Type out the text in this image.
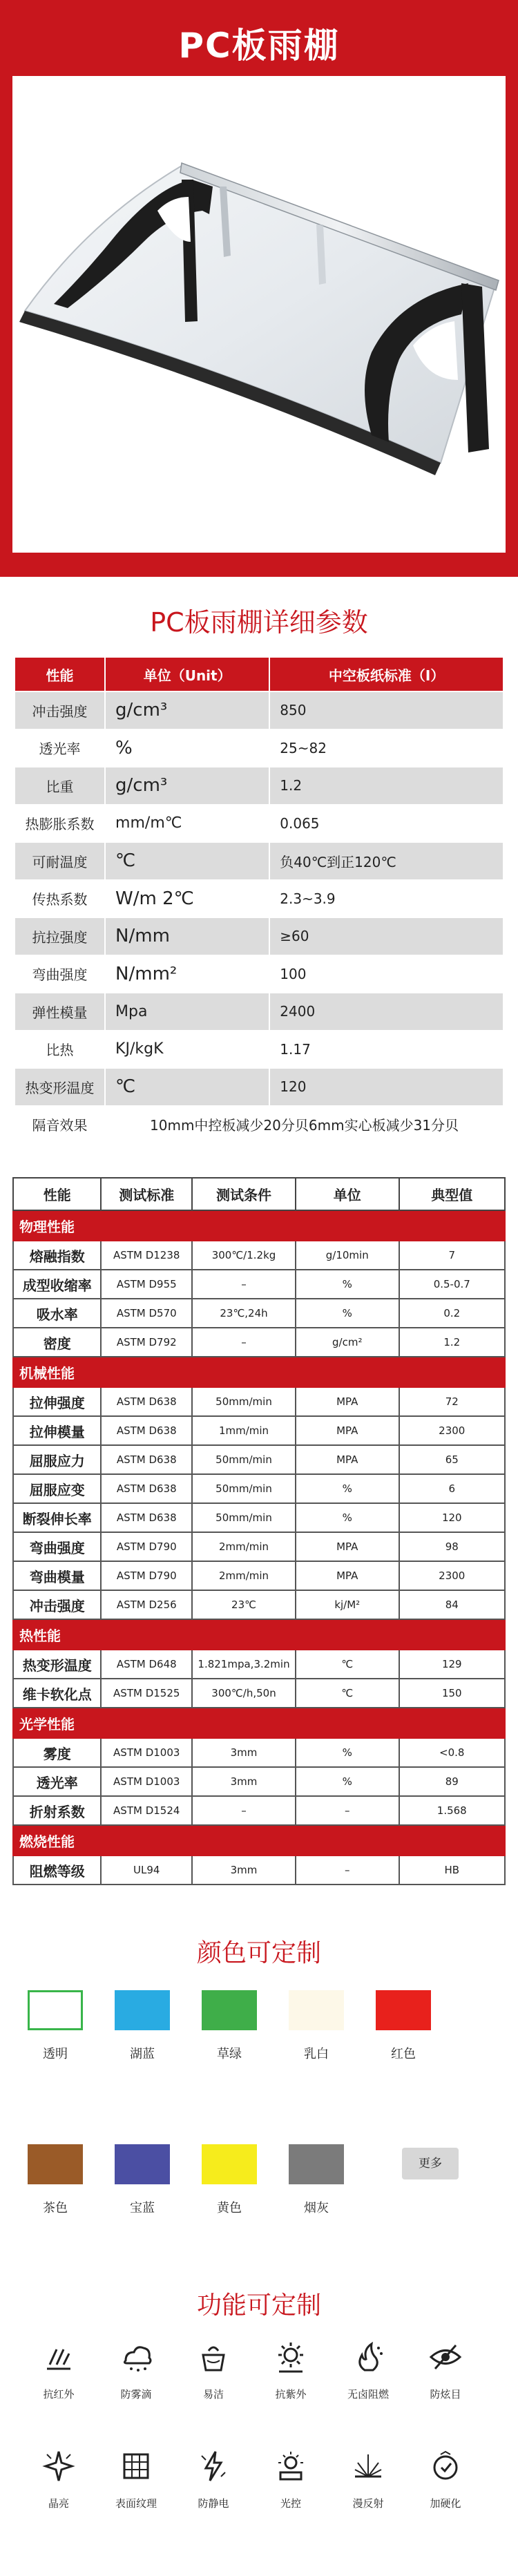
PC板雨棚
PC板雨棚详细参数
性能	单位（Unit）	中空板纸标准（I）
冲击强度	g/cm³	850
透光率	%	25~82
比重	g/cm³	1.2
热膨胀系数	mm/m℃	0.065
可耐温度	℃	负40℃到正120℃
传热系数	W/m 2℃	2.3~3.9
抗拉强度	N/mm	≥60
弯曲强度	N/mm²	100
弹性模量	Mpa	2400
比热	KJ/kgK	1.17
热变形温度	℃	120
隔音效果	10mm中控板减少20分贝6mm实心板减少31分贝	
性能	测试标准	测试条件	单位	典型值
物理性能				
熔融指数	ASTM D1238	300℃/1.2kg	g/10min	7
成型收缩率	ASTM D955	–	%	0.5-0.7
吸水率	ASTM D570	23℃,24h	%	0.2
密度	ASTM D792	–	g/cm²	1.2
机械性能				
拉伸强度	ASTM D638	50mm/min	MPA	72
拉伸模量	ASTM D638	1mm/min	MPA	2300
屈服应力	ASTM D638	50mm/min	MPA	65
屈服应变	ASTM D638	50mm/min	%	6
断裂伸长率	ASTM D638	50mm/min	%	120
弯曲强度	ASTM D790	2mm/min	MPA	98
弯曲模量	ASTM D790	2mm/min	MPA	2300
冲击强度	ASTM D256	23℃	kj/M²	84
热性能				
热变形温度	ASTM D648	1.821mpa,3.2min	℃	129
维卡软化点	ASTM D1525	300℃/h,50n	℃	150
光学性能				
雾度	ASTM D1003	3mm	%	<0.8
透光率	ASTM D1003	3mm	%	89
折射系数	ASTM D1524	–	–	1.568
燃烧性能				
阻燃等级	UL94	3mm	–	HB
颜色可定制
更多
透明	湖蓝	草绿	乳白	红色
茶色	宝蓝	黄色	烟灰
功能可定制
抗红外	防雾滴	易洁	抗紫外	无卤阻燃	防炫目
晶亮	表面纹理	防静电	光控	漫反射	加硬化
